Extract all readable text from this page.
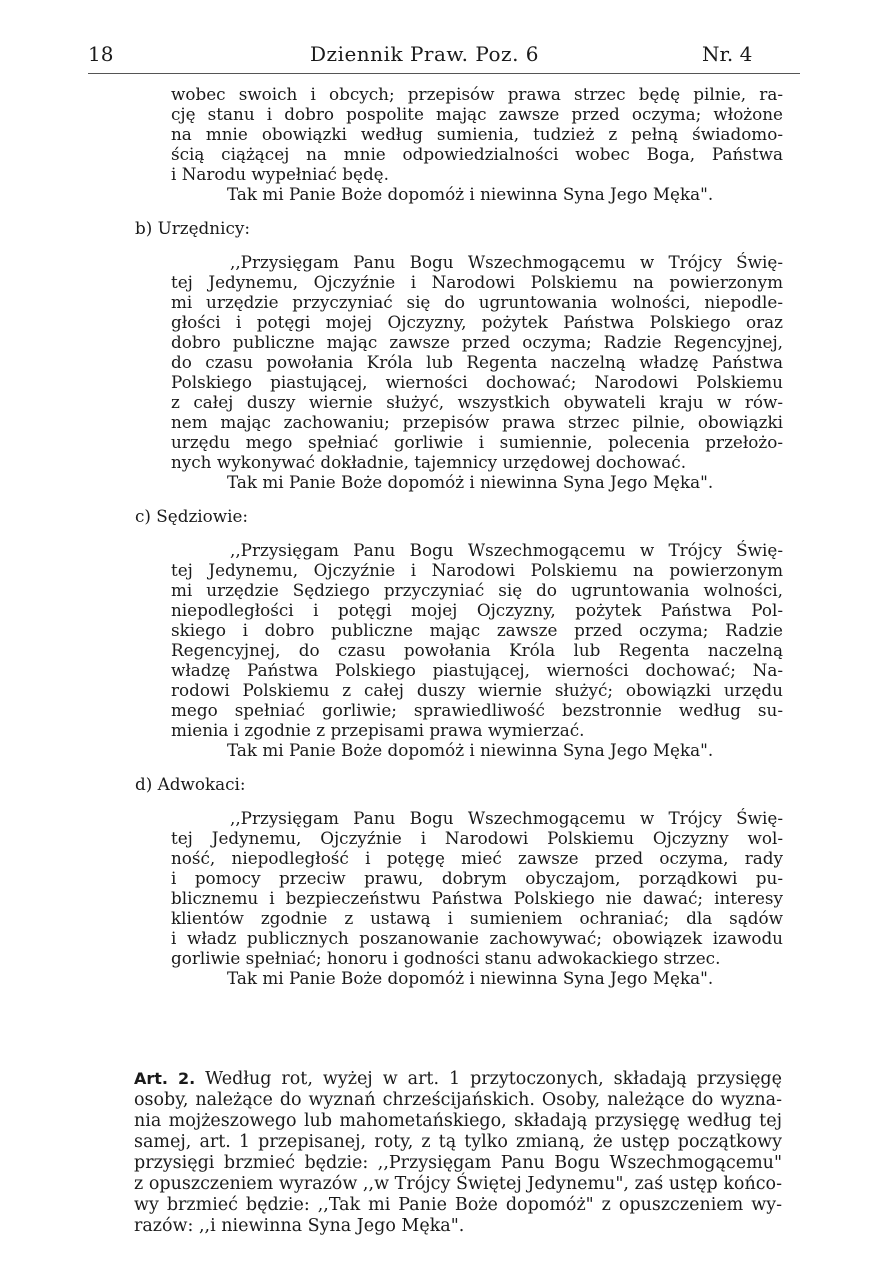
18	Dziennik Praw. Poz. 6	Nr. 4
wobec swoich i obcych; przepisów prawa strzec będę pilnie, ra-
cję stanu i dobro pospolite mając zawsze przed oczyma; włożone
na mnie obowiązki według sumienia, tudzież z pełną świadomo-
ścią ciążącej na mnie odpowiedzialności wobec Boga, Państwa
i Narodu wypełniać będę.
Tak mi Panie Boże dopomóż i niewinna Syna Jego Męka".
b) Urzędnicy:
,,Przysięgam Panu Bogu Wszechmogącemu w Trójcy Świę-
tej Jedynemu, Ojczyźnie i Narodowi Polskiemu na powierzonym
mi urzędzie przyczyniać się do ugruntowania wolności, niepodle-
głości i potęgi mojej Ojczyzny, pożytek Państwa Polskiego oraz
dobro publiczne mając zawsze przed oczyma; Radzie Regencyjnej,
do czasu powołania Króla lub Regenta naczelną władzę Państwa
Polskiego piastującej, wierności dochować; Narodowi Polskiemu
z całej duszy wiernie służyć, wszystkich obywateli kraju w rów-
nem mając zachowaniu; przepisów prawa strzec pilnie, obowiązki
urzędu mego spełniać gorliwie i sumiennie, polecenia przełożo-
nych wykonywać dokładnie, tajemnicy urzędowej dochować.
Tak mi Panie Boże dopomóż i niewinna Syna Jego Męka".
c) Sędziowie:
,,Przysięgam Panu Bogu Wszechmogącemu w Trójcy Świę-
tej Jedynemu, Ojczyźnie i Narodowi Polskiemu na powierzonym
mi urzędzie Sędziego przyczyniać się do ugruntowania wolności,
niepodległości i potęgi mojej Ojczyzny, pożytek Państwa Pol-
skiego i dobro publiczne mając zawsze przed oczyma; Radzie
Regencyjnej, do czasu powołania Króla lub Regenta naczelną
władzę Państwa Polskiego piastującej, wierności dochować; Na-
rodowi Polskiemu z całej duszy wiernie służyć; obowiązki urzędu
mego spełniać gorliwie; sprawiedliwość bezstronnie według su-
mienia i zgodnie z przepisami prawa wymierzać.
Tak mi Panie Boże dopomóż i niewinna Syna Jego Męka".
d) Adwokaci:
,,Przysięgam Panu Bogu Wszechmogącemu w Trójcy Świę-
tej Jedynemu, Ojczyźnie i Narodowi Polskiemu Ojczyzny wol-
ność, niepodległość i potęgę mieć zawsze przed oczyma, rady
i pomocy przeciw prawu, dobrym obyczajom, porządkowi pu-
blicznemu i bezpieczeństwu Państwa Polskiego nie dawać; interesy
klientów zgodnie z ustawą i sumieniem ochraniać; dla sądów
i władz publicznych poszanowanie zachowywać; obowiązek izawodu
gorliwie spełniać; honoru i godności stanu adwokackiego strzec.
Tak mi Panie Boże dopomóż i niewinna Syna Jego Męka".
Art. 2. Według rot, wyżej w art. 1 przytoczonych, składają przysięgę
osoby, należące do wyznań chrześcijańskich. Osoby, należące do wyzna-
nia mojżeszowego lub mahometańskiego, składają przysięgę według tej
samej, art. 1 przepisanej, roty, z tą tylko zmianą, że ustęp początkowy
przysięgi brzmieć będzie: ,,Przysięgam Panu Bogu Wszechmogącemu"
z opuszczeniem wyrazów ,,w Trójcy Świętej Jedynemu", zaś ustęp końco-
wy brzmieć będzie: ,,Tak mi Panie Boże dopomóż" z opuszczeniem wy-
razów: ,,i niewinna Syna Jego Męka".
